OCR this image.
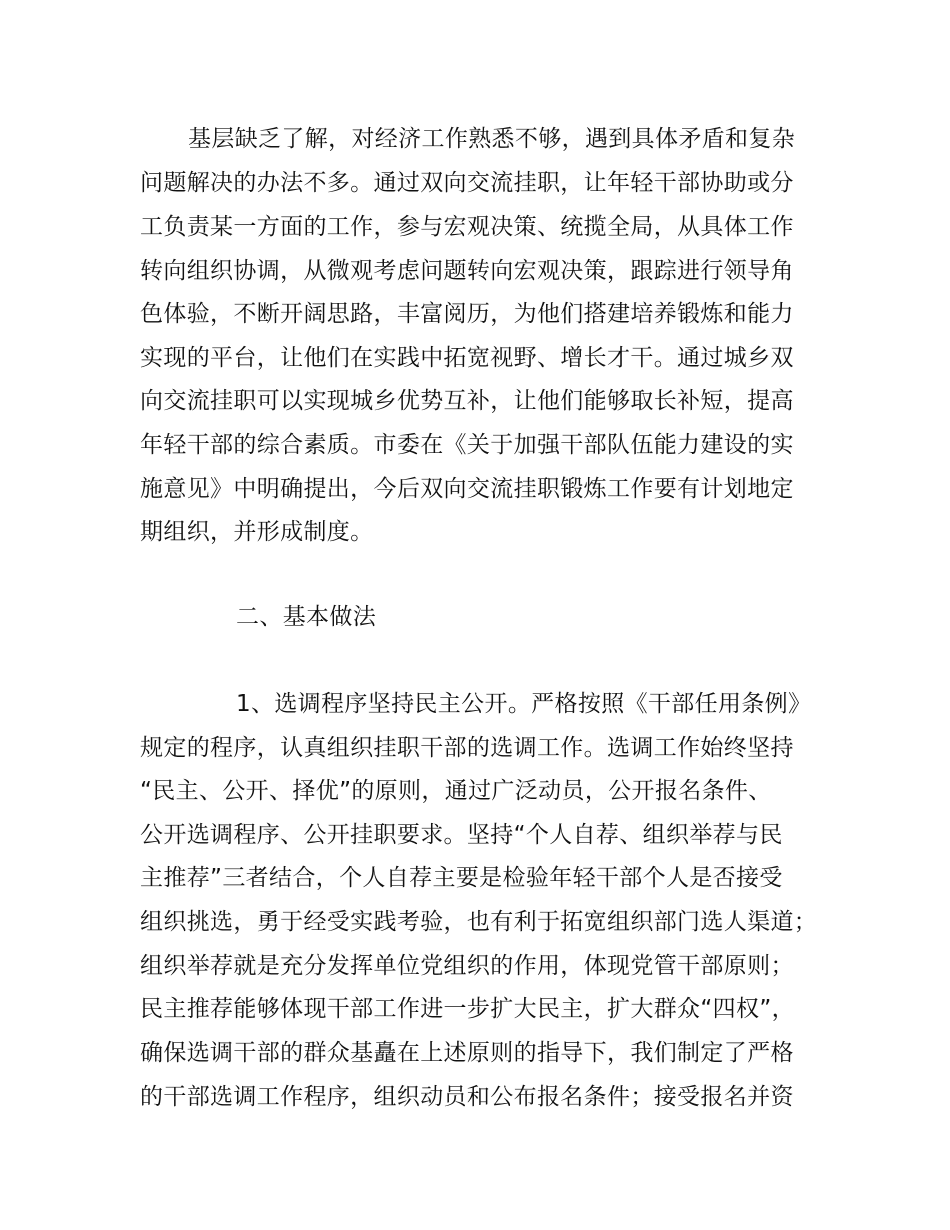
基层缺乏了解，对经济工作熟悉不够，遇到具体矛盾和复杂
问题解决的办法不多。通过双向交流挂职，让年轻干部协助或分
工负责某一方面的工作，参与宏观决策、统揽全局，从具体工作
转向组织协调，从微观考虑问题转向宏观决策，跟踪进行领导角
色体验，不断开阔思路，丰富阅历，为他们搭建培养锻炼和能力
实现的平台，让他们在实践中拓宽视野、增长才干。通过城乡双
向交流挂职可以实现城乡优势互补，让他们能够取长补短，提高
年轻干部的综合素质。市委在《关于加强干部队伍能力建设的实
施意见》中明确提出，今后双向交流挂职锻炼工作要有计划地定
期组织，并形成制度。
二、基本做法
1、选调程序坚持民主公开。严格按照《干部任用条例》
规定的程序，认真组织挂职干部的选调工作。选调工作始终坚持
“民主、公开、择优”的原则，通过广泛动员，公开报名条件、
公开选调程序、公开挂职要求。坚持“个人自荐、组织举荐与民
主推荐”三者结合，个人自荐主要是检验年轻干部个人是否接受
组织挑选，勇于经受实践考验，也有利于拓宽组织部门选人渠道；
组织举荐就是充分发挥单位党组织的作用，体现党管干部原则；
民主推荐能够体现干部工作进一步扩大民主，扩大群众“四权”，
确保选调干部的群众基矗在上述原则的指导下，我们制定了严格
的干部选调工作程序，组织动员和公布报名条件；接受报名并资
